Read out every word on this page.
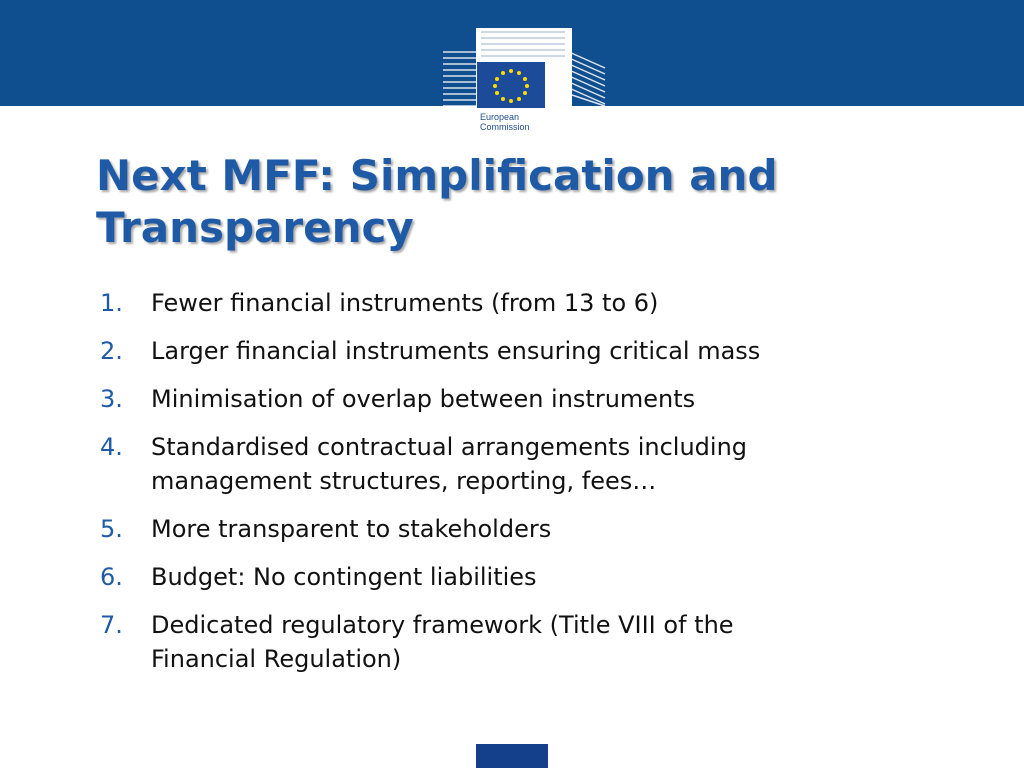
European
Commission
Next MFF: Simplification and
Transparency
1. Fewer financial instruments (from 13 to 6)
2. Larger financial instruments ensuring critical mass
3. Minimisation of overlap between instruments
4. Standardised contractual arrangements including
management structures, reporting, fees…
5. More transparent to stakeholders
6. Budget: No contingent liabilities
7. Dedicated regulatory framework (Title VIII of the
Financial Regulation)
